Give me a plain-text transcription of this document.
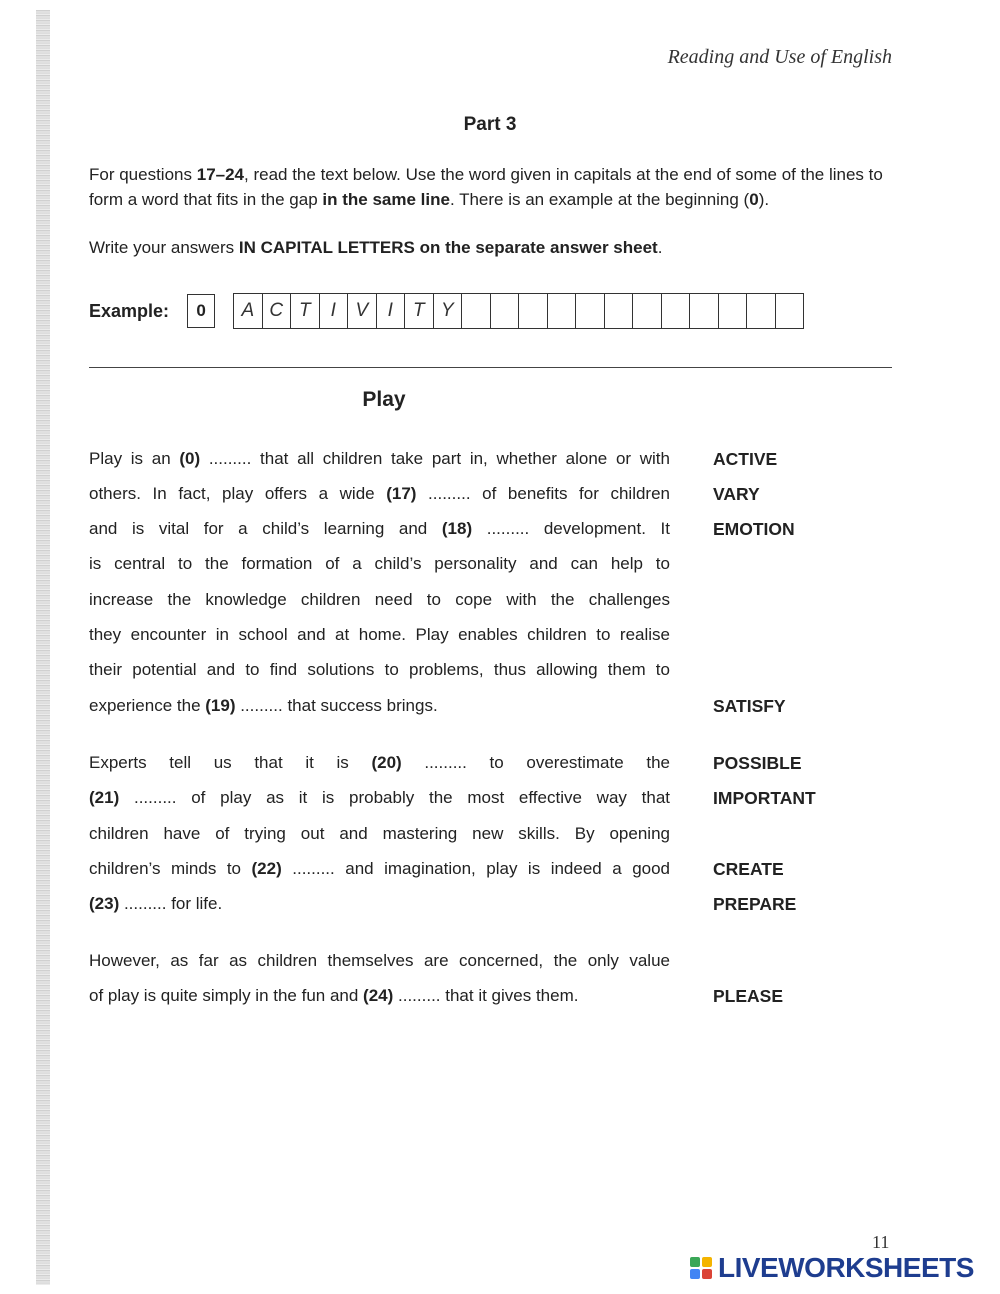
Reading and Use of English
Part 3
For questions 17–24, read the text below. Use the word given in capitals at the end of some of the lines to form a word that fits in the gap in the same line. There is an example at the beginning (0).
Write your answers IN CAPITAL LETTERS on the separate answer sheet.
Example:	0	A C T	I	V	I	T Y
Play
Play is an (0) ......... that all children take part in, whether alone or with
others. In fact, play offers a wide (17) ......... of benefits for children
and is vital for a child’s learning and (18) ......... development. It
is central to the formation of a child’s personality and can help to
increase the knowledge children need to cope with the challenges
they encounter in school and at home. Play enables children to realise
their potential and to find solutions to problems, thus allowing them to
experience the (19) ......... that success brings.
Experts tell us that it is (20) ......... to overestimate the
(21) ......... of play as it is probably the most effective way that
children have of trying out and mastering new skills. By opening
children’s minds to (22) ......... and imagination, play is indeed a good
(23) ......... for life.
However, as far as children themselves are concerned, the only value
of play is quite simply in the fun and (24) ......... that it gives them.
ACTIVE
VARY
EMOTION
SATISFY
POSSIBLE
IMPORTANT
CREATE
PREPARE
PLEASE
11
LIVEWORKSHEETS
